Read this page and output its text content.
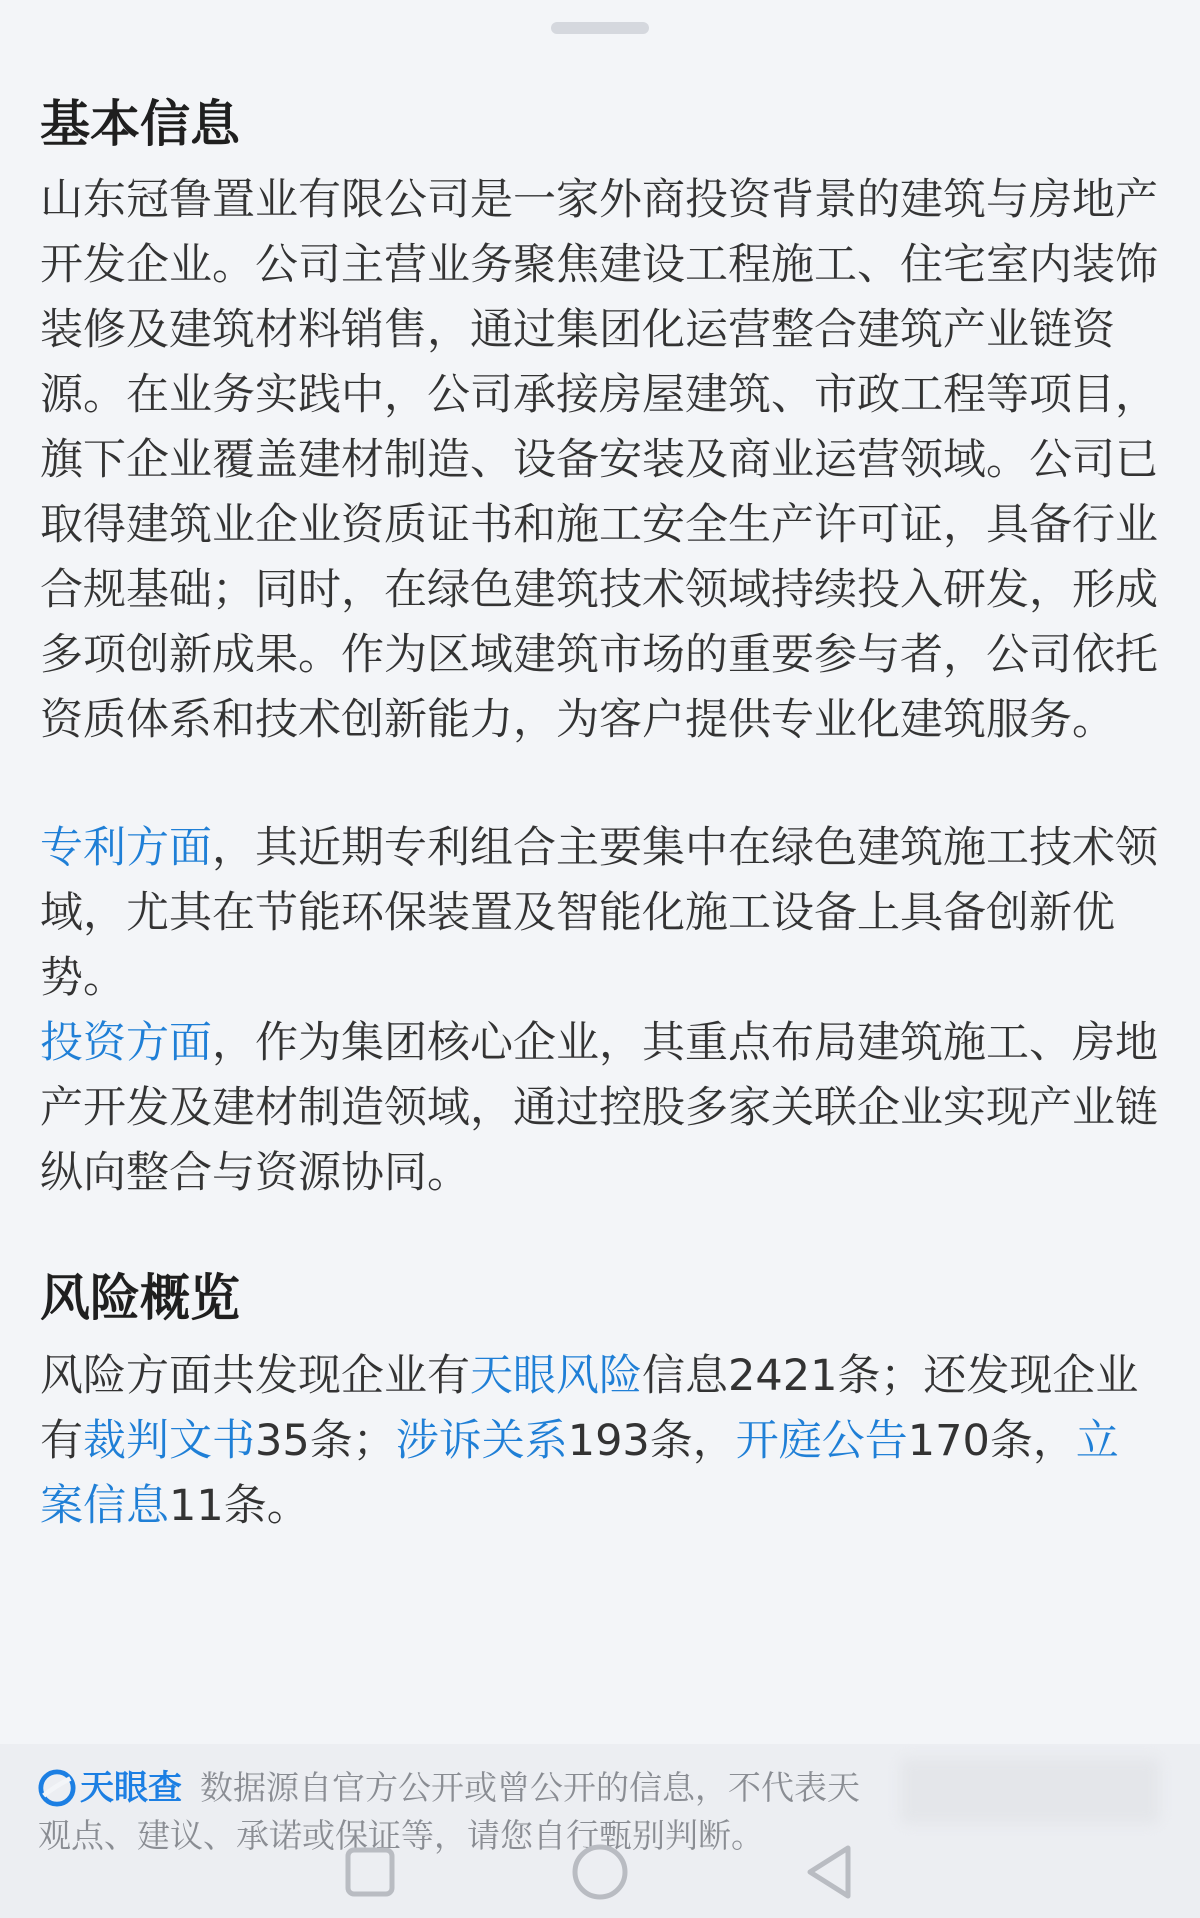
基本信息

山东冠鲁置业有限公司是一家外商投资背景的建筑与房地产开发企业。公司主营业务聚焦建设工程施工、住宅室内装饰装修及建筑材料销售，通过集团化运营整合建筑产业链资源。在业务实践中，公司承接房屋建筑、市政工程等项目，旗下企业覆盖建材制造、设备安装及商业运营领域。公司已取得建筑业企业资质证书和施工安全生产许可证，具备行业合规基础；同时，在绿色建筑技术领域持续投入研发，形成多项创新成果。作为区域建筑市场的重要参与者，公司依托资质体系和技术创新能力，为客户提供专业化建筑服务。

专利方面，其近期专利组合主要集中在绿色建筑施工技术领域，尤其在节能环保装置及智能化施工设备上具备创新优势。

投资方面，作为集团核心企业，其重点布局建筑施工、房地产开发及建材制造领域，通过控股多家关联企业实现产业链纵向整合与资源协同。

风险概览

风险方面共发现企业有天眼风险信息2421条；还发现企业有裁判文书35条；涉诉关系193条，开庭公告170条，立案信息11条。

天眼查 数据源自官方公开或曾公开的信息，不代表天
观点、建议、承诺或保证等，请您自行甄别判断。
